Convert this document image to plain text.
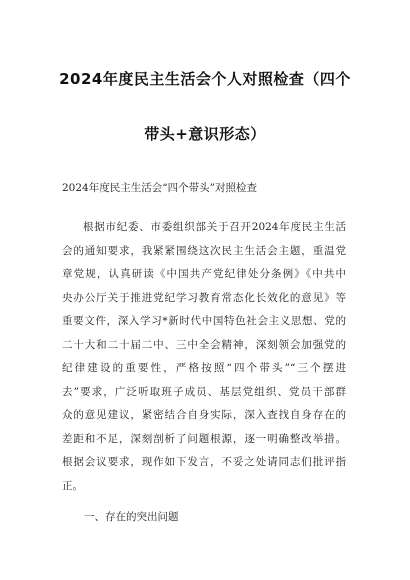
2024年度民主生活会个人对照检查（四个
带头+意识形态）
2024年度民主生活会“四个带头”对照检查
根据市纪委、市委组织部关于召开2024年度民主生活
会的通知要求，我紧紧围绕这次民主生活会主题，重温党
章党规，认真研读《中国共产党纪律处分条例》《中共中
央办公厅关于推进党纪学习教育常态化长效化的意见》等
重要文件，深入学习*新时代中国特色社会主义思想、党的
二十大和二十届二中、三中全会精神，深刻领会加强党的
纪律建设的重要性，严格按照“四个带头”“三个摆进
去”要求，广泛听取班子成员、基层党组织、党员干部群
众的意见建议，紧密结合自身实际，深入查找自身存在的
差距和不足，深刻剖析了问题根源，逐一明确整改举措。
根据会议要求，现作如下发言，不妥之处请同志们批评指
正。
一、存在的突出问题
